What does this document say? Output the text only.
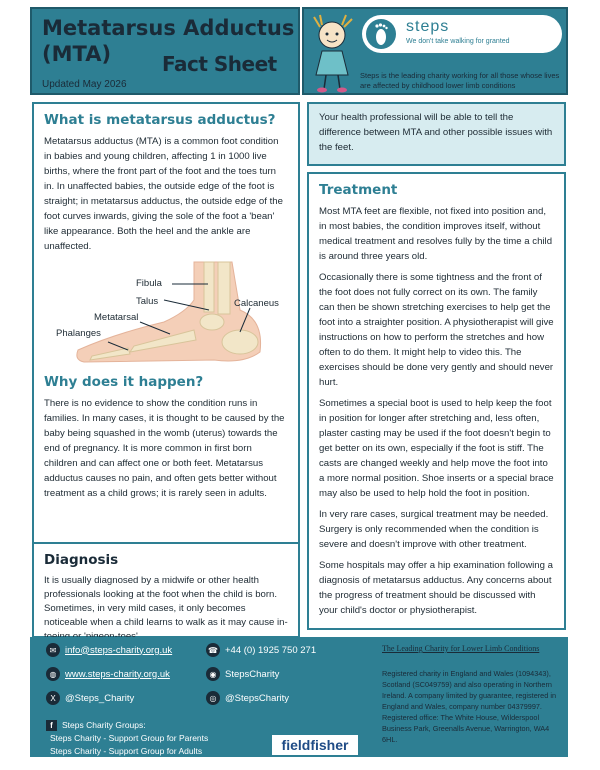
Metatarsus Adductus
(MTA)	Fact Sheet
Updated May 2026
steps
We don't take walking for granted
Steps is the leading charity working for all those whose lives are affected by childhood lower limb conditions
What is metatarsus adductus?

Metatarsus adductus (MTA) is a common foot condition in babies and young children, affecting 1 in 1000 live births, where the front part of the foot and the toes turn in. In unaffected babies, the outside edge of the foot is straight; in metatarsus adductus, the outside edge of the foot curves inwards, giving the sole of the foot a 'bean' like appearance. Both the heel and the ankle are unaffected.

Fibula
Talus	Calcaneus
Metatarsal
Phalanges
Why does it happen?

There is no evidence to show the condition runs in families. In many cases, it is thought to be caused by the baby being squashed in the womb (uterus) towards the end of pregnancy. It is more common in first born children and can affect one or both feet. Metatarsus adductus causes no pain, and often gets better without treatment as a child grows; it is rarely seen in adults.

Diagnosis

It is usually diagnosed by a midwife or other health professionals looking at the foot when the child is born. Sometimes, in very mild cases, it only becomes noticeable when a child learns to walk as it may cause in-

Your health professional will be able to tell the difference between MTA and other possible issues with the feet.

Treatment

Most MTA feet are flexible, not fixed into position and, in most babies, the condition improves itself, without medical treatment and resolves fully by the time a child is around three years old.

Occasionally there is some tightness and the front of the foot does not fully correct on its own. The family can then be shown stretching exercises to help get the foot into a straighter position. A physiotherapist will give instructions on how to perform the stretches and how often to do them. It might help to video this. The exercises should be done very gently and should never hurt.

Sometimes a special boot is used to help keep the foot in position for longer after stretching and, less often, plaster casting may be used if the foot doesn't begin to get better on its own, especially if the foot is stiff. The casts are changed weekly and help move the foot into a more normal position. Shoe inserts or a special brace may also be used to help hold the foot in position.

In very rare cases, surgical treatment may be needed. Surgery is only recommended when the condition is severe and doesn't improve with other treatment.

Some hospitals may offer a hip examination following a diagnosis of metatarsus adductus. Any concerns about the progress of treatment should be discussed with your child's doctor or physiotherapist.

✉ info@steps-charity.org.uk	☎ +44 (0) 1925 750 271
◍ www.steps-charity.org.uk	◉ StepsCharity
X @Steps_Charity	◎ @StepsCharity
f	Steps Charity Groups:
Steps Charity - Support Group for Parents
Steps Charity - Support Group for Adults	fieldfisher
The Leading Charity for Lower Limb Conditions
Registered charity in England and Wales (1094343), Scotland (SC049759) and also operating in Northern Ireland. A company limited by guarantee, registered in England and Wales, company number 04379997. Registered office: The White House, Wilderspool Business Park, Greenalls Avenue, Warrington, WA4 6HL.
